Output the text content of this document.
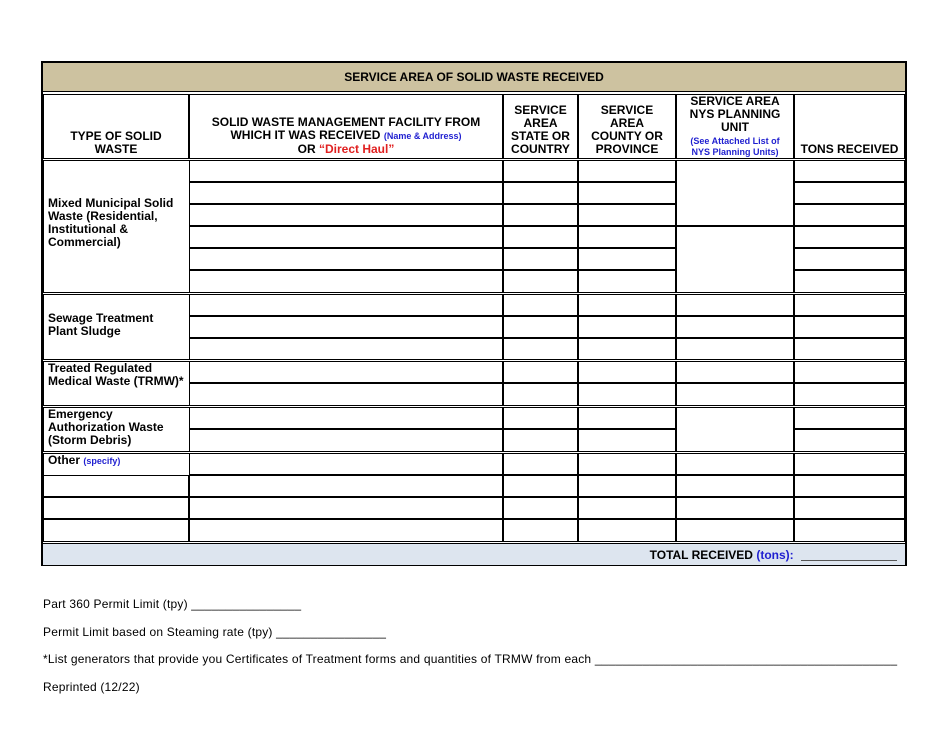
SERVICE AREA OF SOLID WASTE RECEIVED
TYPE OF SOLID WASTE
SOLID WASTE MANAGEMENT FACILITY FROM WHICH IT WAS RECEIVED (Name & Address)
OR “Direct Haul”
SERVICE AREA STATE OR COUNTRY
SERVICE AREA COUNTY OR PROVINCE
SERVICE AREA NYS PLANNING UNIT
(See Attached List of NYS Planning Units)	TONS RECEIVED
Mixed Municipal Solid Waste (Residential, Institutional & Commercial)
Sewage Treatment Plant Sludge
Treated Regulated Medical Waste (TRMW)*
Emergency Authorization Waste (Storm Debris)
Other (specify)
TOTAL RECEIVED (tons):
Part 360 Permit Limit (tpy) ________________
Permit Limit based on Steaming rate (tpy) ________________
*List generators that provide you Certificates of Treatment forms and quantities of TRMW from each ____________________________________________
Reprinted (12/22)
